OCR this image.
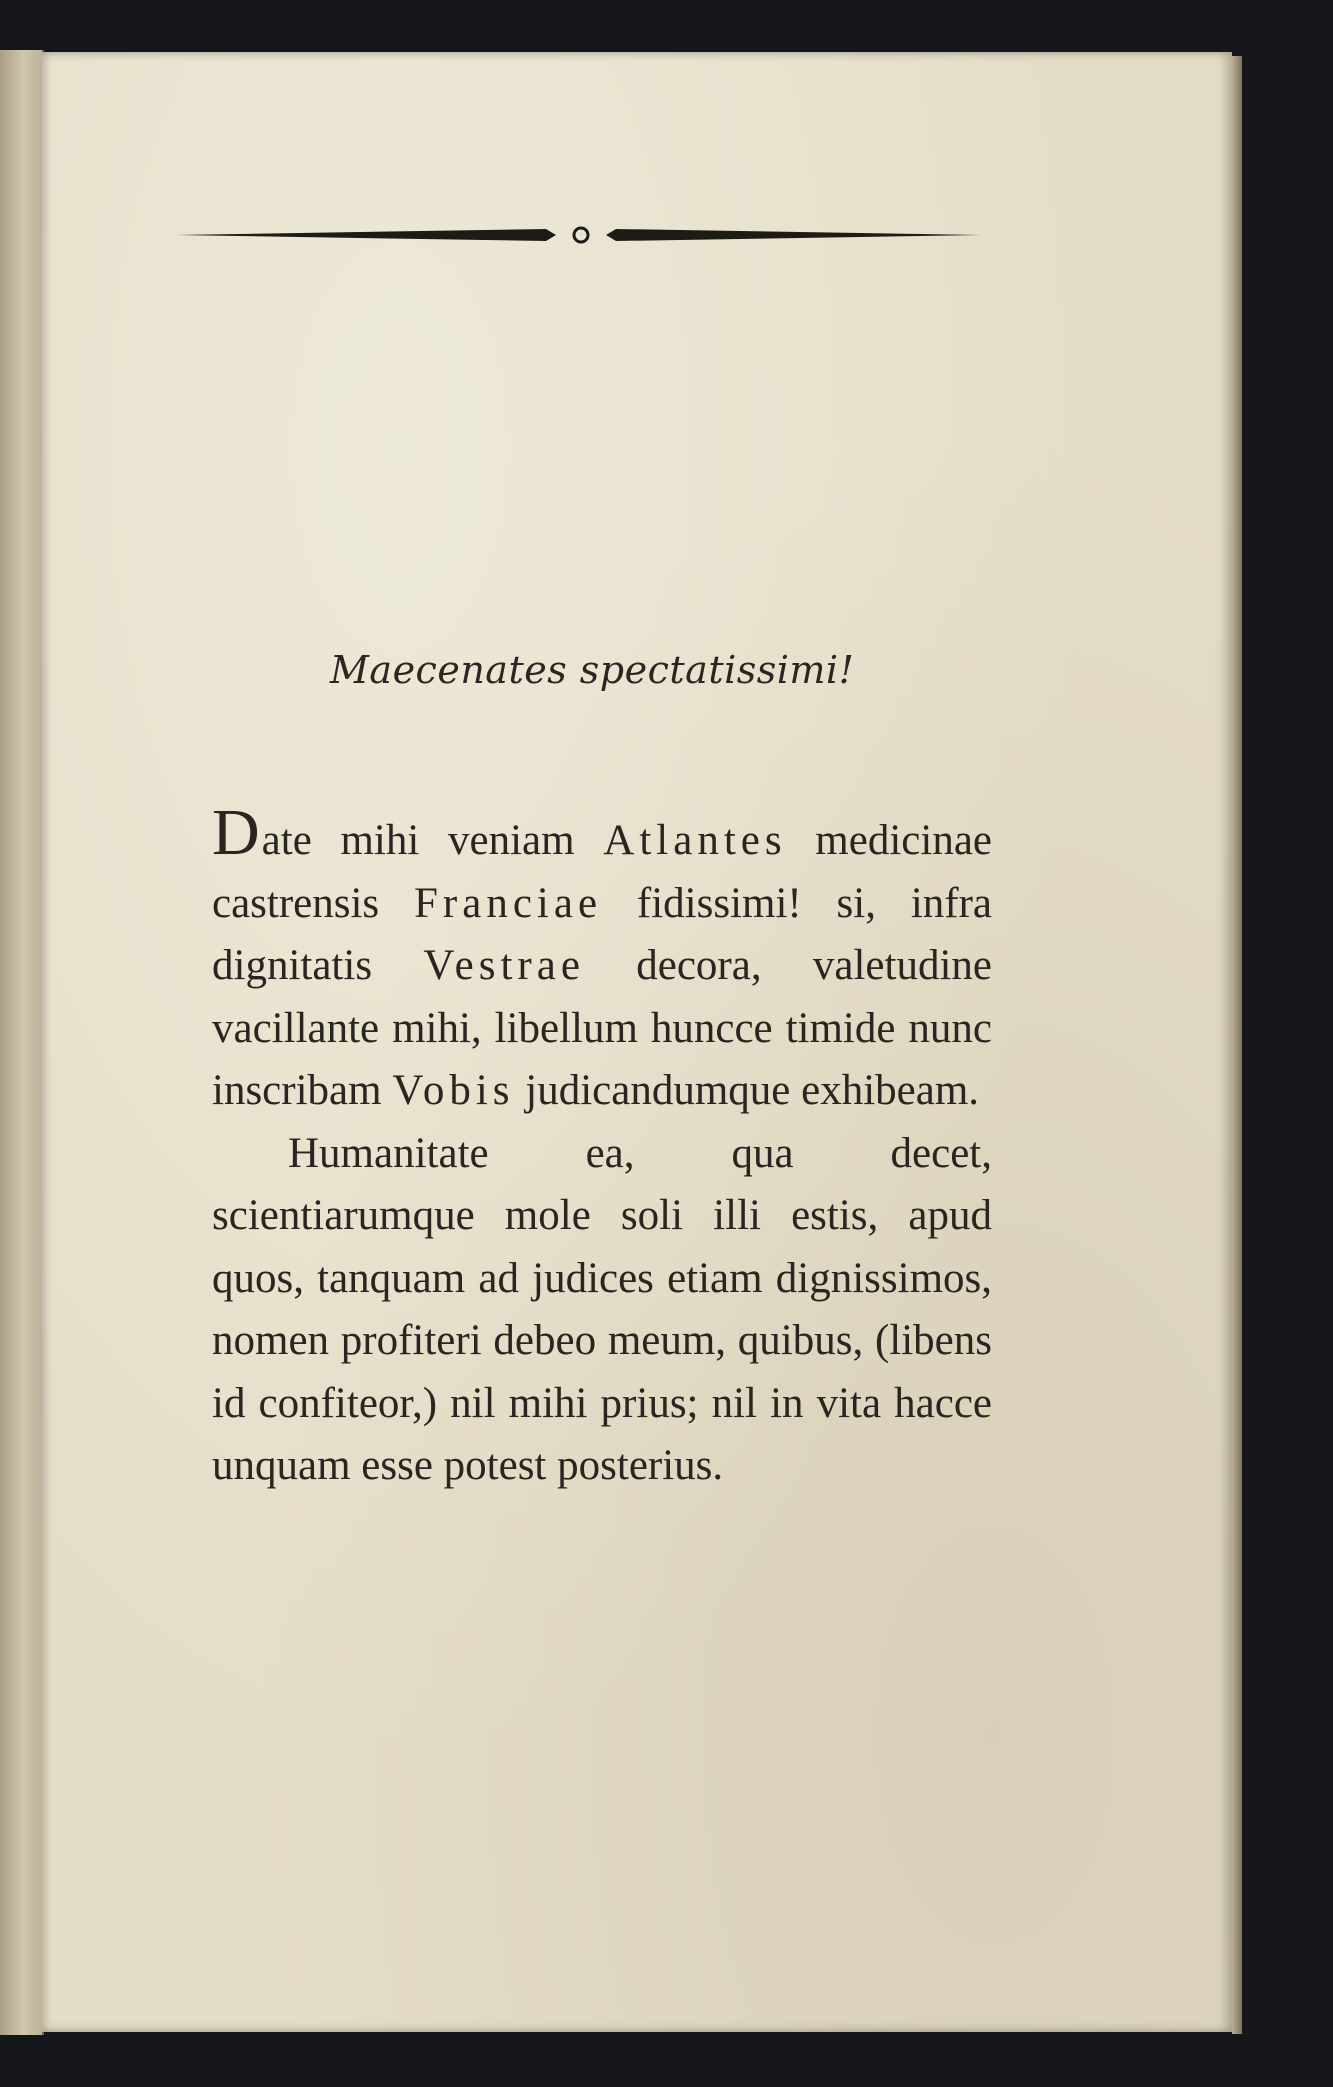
Maecenates spectatissimi!

Date mihi veniam Atlantes medicinae castrensis Franciae fidissimi! si, infra dignitatis Vestrae decora, valetudine vacillante mihi, libellum huncce timide nunc inscribam Vobis judicandumque exhibeam.

Humanitate ea, qua decet, scientiarumque mole soli illi estis, apud quos, tanquam ad judices etiam dignissimos, nomen profiteri debeo meum, quibus, (libens id confiteor,) nil mihi prius; nil in vita hacce unquam esse potest posterius.
